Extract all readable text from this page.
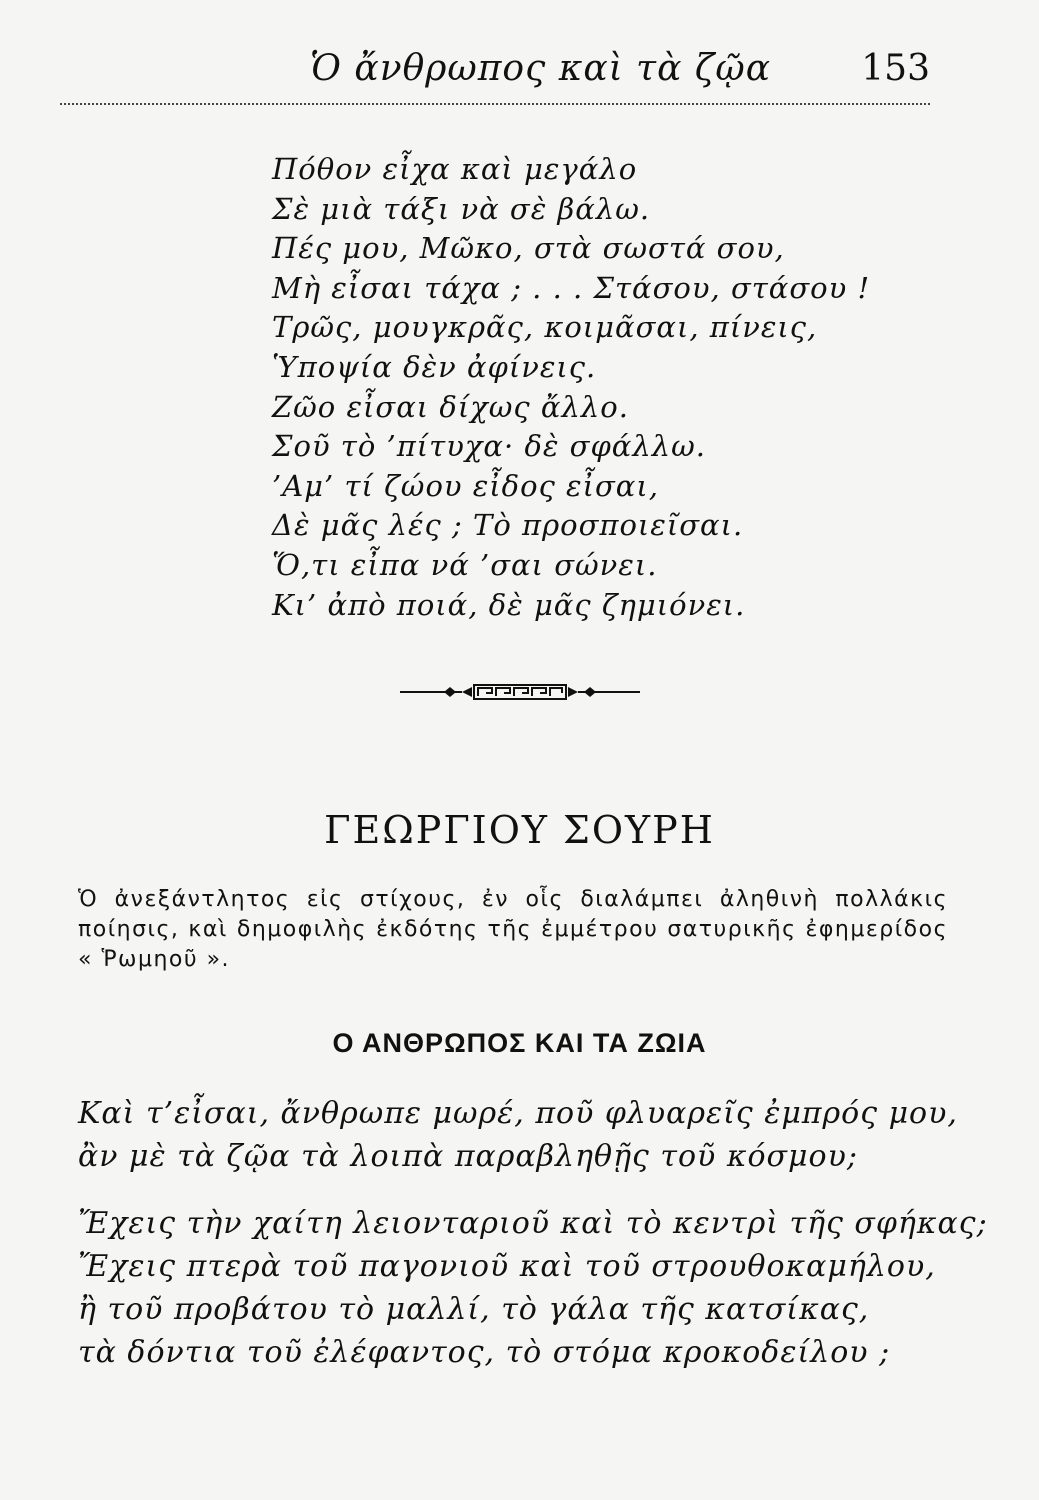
Ὁ ἄνθρωπος καὶ τὰ ζῷα	153
Πόθον εἶχα καὶ μεγάλο
Σὲ μιὰ τάξι νὰ σὲ βάλω.
Πές μου, Μῶκο, στὰ σωστά σου,
Μὴ εἶσαι τάχα ; . . . Στάσου, στάσου !
Τρῶς, μουγκρᾶς, κοιμᾶσαι, πίνεις,
Ὑποψία δὲν ἀφίνεις.
Ζῶο εἶσαι δίχως ἄλλο.
Σοῦ τὸ ’πίτυχα· δὲ σφάλλω.
’Αμ’ τί ζώου εἶδος εἶσαι,
Δὲ μᾶς λές ; Τὸ προσποιεῖσαι.
Ὅ,τι εἶπα νά ’σαι σώνει.
Κι’ ἀπὸ ποιά, δὲ μᾶς ζημιόνει.
ΓΕΩΡΓΙΟΥ ΣΟΥΡΗ
Ὁ ἀνεξάντλητος εἰς στίχους, ἐν οἷς διαλάμπει ἀληθινὴ πολλάκις ποίησις, καὶ δημοφιλὴς ἐκδότης τῆς ἐμμέτρου σατυρικῆς ἐφημερίδος « Ῥωμηοῦ ».
Ο ΑΝΘΡΩΠΟΣ ΚΑΙ ΤΑ ΖΩΙΑ
Καὶ τ’εἶσαι, ἄνθρωπε μωρέ, ποῦ φλυαρεῖς ἐμπρός μου,
ἂν μὲ τὰ ζῷα τὰ λοιπὰ παραβληθῇς τοῦ κόσμου;
Ἔχεις τὴν χαίτη λειονταριοῦ καὶ τὸ κεντρὶ τῆς σφήκας;
Ἔχεις πτερὰ τοῦ παγονιοῦ καὶ τοῦ στρουθοκαμήλου,
ἢ τοῦ προβάτου τὸ μαλλί, τὸ γάλα τῆς κατσίκας,
τὰ δόντια τοῦ ἐλέφαντος, τὸ στόμα κροκοδείλου ;
